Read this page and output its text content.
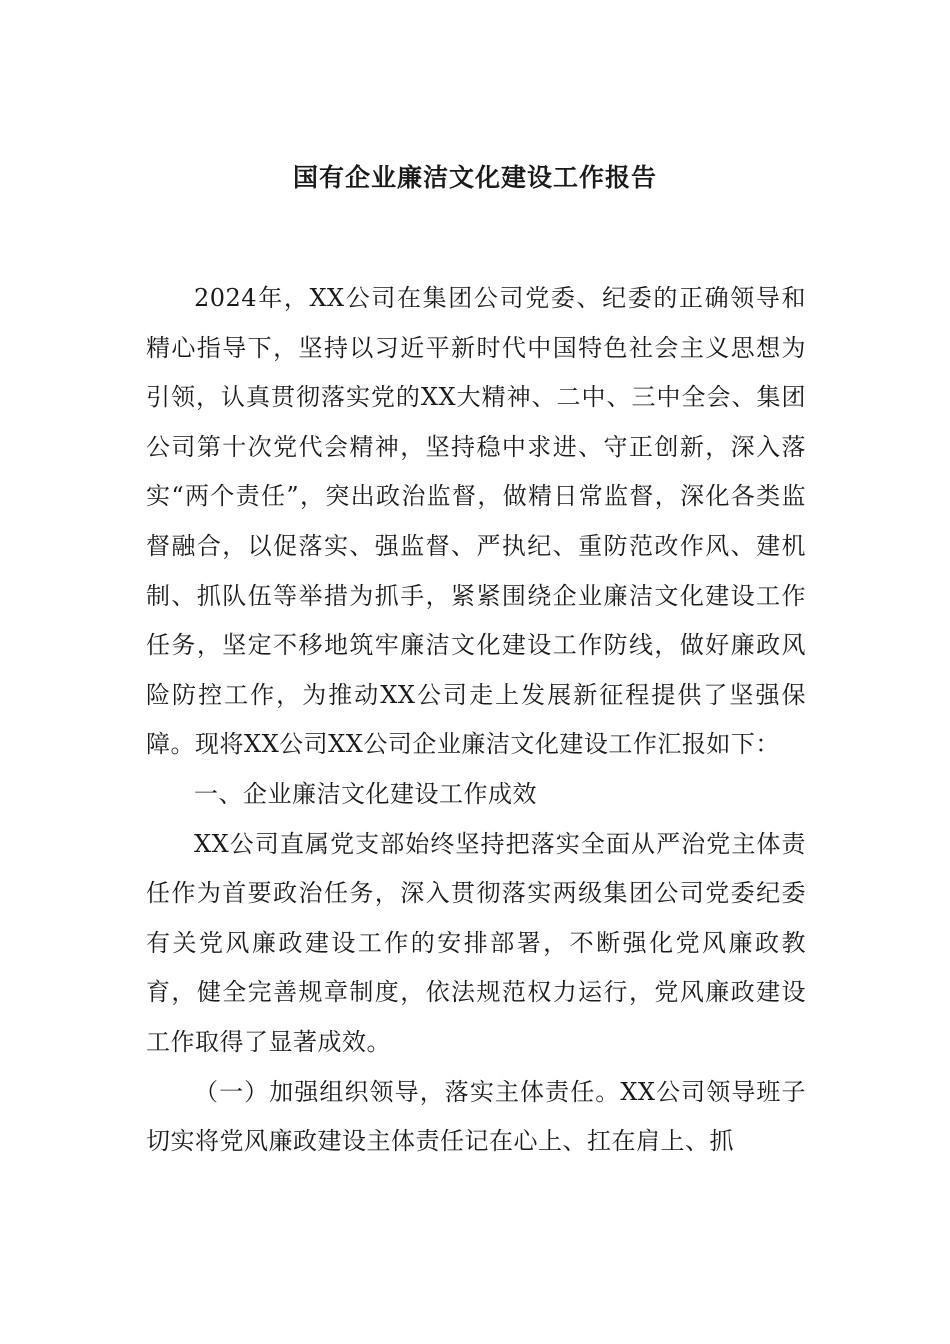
国有企业廉洁文化建设工作报告

2024年，XX公司在集团公司党委、纪委的正确领导和精心指导下，坚持以习近平新时代中国特色社会主义思想为引领，认真贯彻落实党的XX大精神、二中、三中全会、集团公司第十次党代会精神，坚持稳中求进、守正创新，深入落实“两个责任”，突出政治监督，做精日常监督，深化各类监督融合，以促落实、强监督、严执纪、重防范改作风、建机制、抓队伍等举措为抓手，紧紧围绕企业廉洁文化建设工作任务，坚定不移地筑牢廉洁文化建设工作防线，做好廉政风险防控工作，为推动XX公司走上发展新征程提供了坚强保障。现将XX公司XX公司企业廉洁文化建设工作汇报如下：

一、企业廉洁文化建设工作成效

XX公司直属党支部始终坚持把落实全面从严治党主体责任作为首要政治任务，深入贯彻落实两级集团公司党委纪委有关党风廉政建设工作的安排部署，不断强化党风廉政教育，健全完善规章制度，依法规范权力运行，党风廉政建设工作取得了显著成效。

（一）加强组织领导，落实主体责任。XX公司领导班子切实将党风廉政建设主体责任记在心上、扛在肩上、抓
